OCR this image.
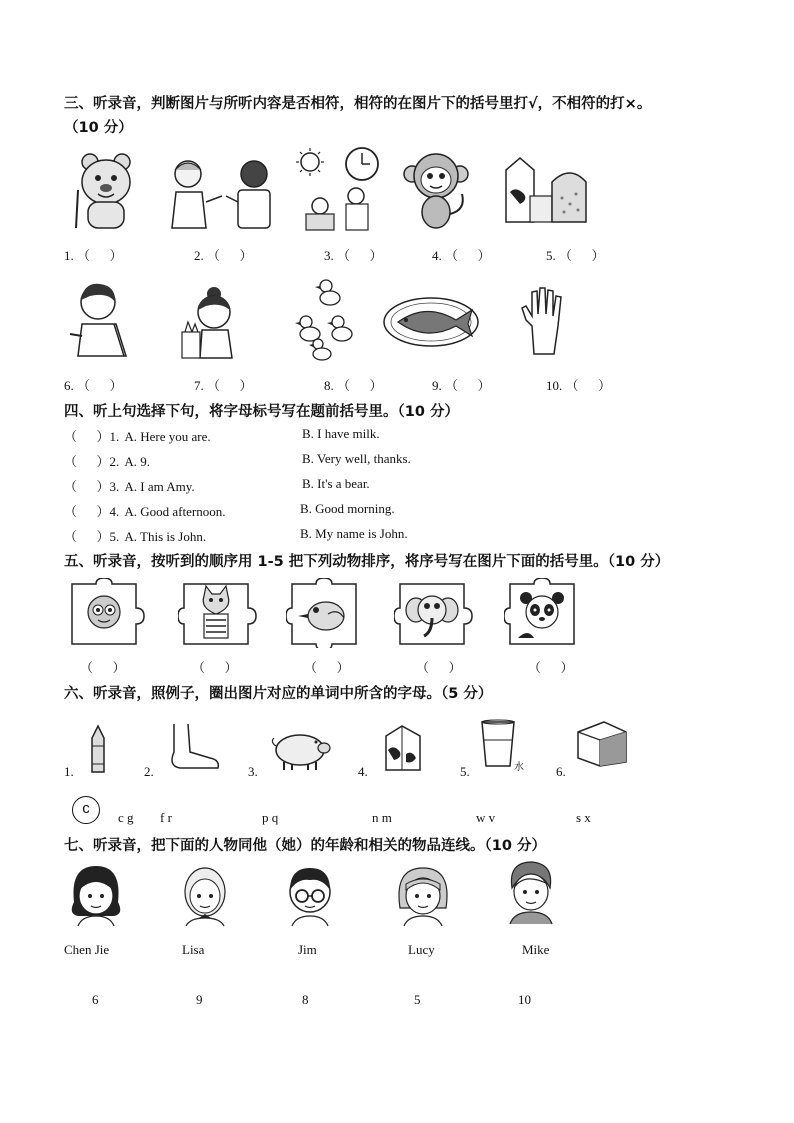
三、听录音，判断图片与所听内容是否相符，相符的在图片下的括号里打√，不相符的打×。
（10 分）
1. （      ）	2. （      ）	3. （      ）	4. （      ）	5. （      ）
6. （      ）	7. （      ）	8. （      ）	9. （      ）	10. （      ）
四、听上句选择下句，将字母标号写在题前括号里。（10 分）
（      ）1. A. Here you are.	B. I have milk.
（      ）2. A. 9.	B. Very well, thanks.
（      ）3. A. I am Amy.	B. It's a bear.
（      ）4. A. Good afternoon.	B. Good morning.
（      ）5. A. This is John.	B. My name is John.
五、听录音，按听到的顺序用 1-5 把下列动物排序，将序号写在图片下面的括号里。（10 分）
（      ）	（      ）	（      ）	（      ）	（      ）
六、听录音，照例子，圈出图片对应的单词中所含的字母。（5 分）
1.	2.	3.	4.	5.	水 6.
c
c g f r	p q	n m	w v	s x
七、听录音，把下面的人物同他（她）的年龄和相关的物品连线。（10 分）
Chen Jie	Lisa	Jim	Lucy	Mike
6	9	8	5	10
